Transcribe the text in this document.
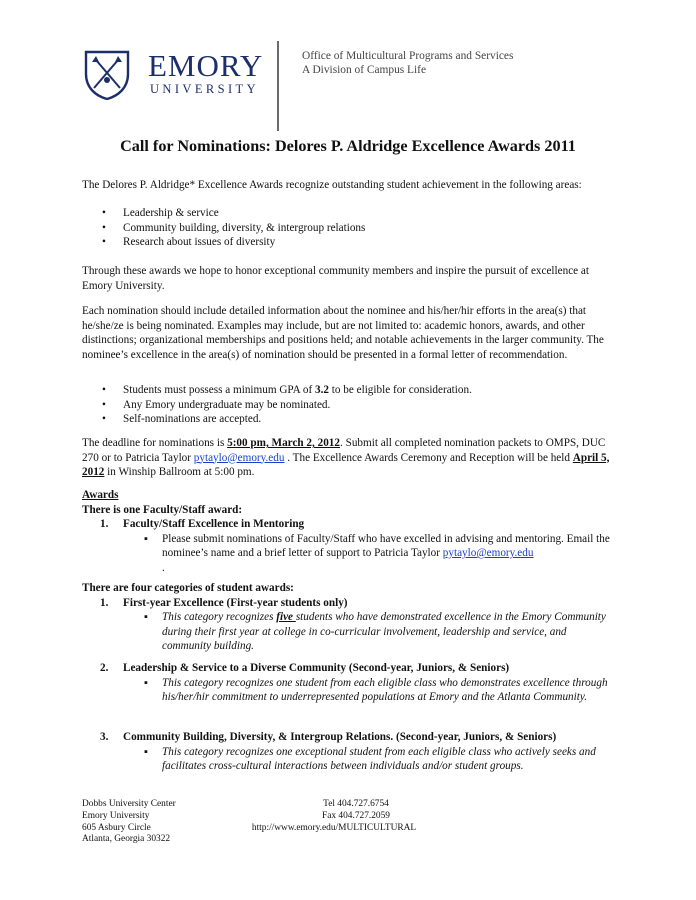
EMORY
UNIVERSITY
Office of Multicultural Programs and Services
A Division of Campus Life
Call for Nominations: Delores P. Aldridge Excellence Awards 2011
The Delores P. Aldridge* Excellence Awards recognize outstanding student achievement in the following areas:
• Leadership & service
• Community building, diversity, & intergroup relations
• Research about issues of diversity
Through these awards we hope to honor exceptional community members and inspire the pursuit of excellence at Emory University.
Each nomination should include detailed information about the nominee and his/her/hir efforts in the area(s) that he/she/ze is being nominated. Examples may include, but are not limited to: academic honors, awards, and other distinctions; organizational memberships and positions held; and notable achievements in the larger community. The nominee’s excellence in the area(s) of nomination should be presented in a formal letter of recommendation.
• Students must possess a minimum GPA of 3.2 to be eligible for consideration.
• Any Emory undergraduate may be nominated.
• Self-nominations are accepted.
The deadline for nominations is 5:00 pm, March 2, 2012. Submit all completed nomination packets to OMPS, DUC 270 or to Patricia Taylor pytaylo@emory.edu . The Excellence Awards Ceremony and Reception will be held April 5, 2012 in Winship Ballroom at 5:00 pm.
Awards
There is one Faculty/Staff award:
1. Faculty/Staff Excellence in Mentoring
▪ Please submit nominations of Faculty/Staff who have excelled in advising and mentoring. Email the nominee’s name and a brief letter of support to Patricia Taylor pytaylo@emory.edu
.
There are four categories of student awards:
1. First-year Excellence (First-year students only)
▪ This category recognizes five students who have demonstrated excellence in the Emory Community during their first year at college in co-curricular involvement, leadership and service, and community building.
2. Leadership & Service to a Diverse Community (Second-year, Juniors, & Seniors)
▪ This category recognizes one student from each eligible class who demonstrates excellence through his/her/hir commitment to underrepresented populations at Emory and the Atlanta Community.
3. Community Building, Diversity, & Intergroup Relations. (Second-year, Juniors, & Seniors)
▪ This category recognizes one exceptional student from each eligible class who actively seeks and facilitates cross-cultural interactions between individuals and/or student groups.
Dobbs University Center
Emory University
605 Asbury Circle
Atlanta, Georgia 30322
Tel 404.727.6754
Fax 404.727.2059
http://www.emory.edu/MULTICULTURAL
